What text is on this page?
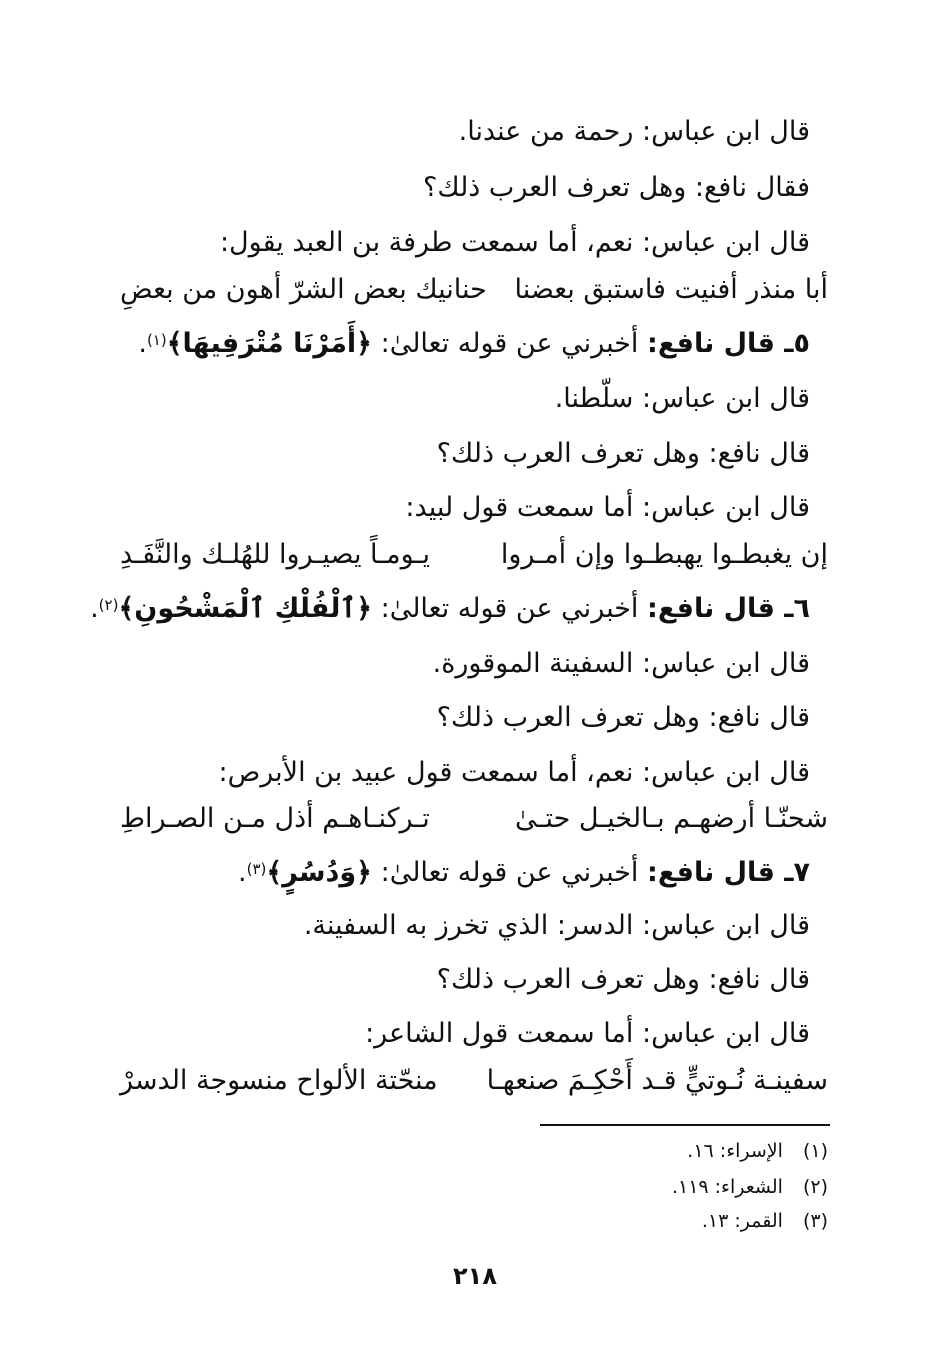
قال ابن عباس: رحمة من عندنا.
فقال نافع: وهل تعرف العرب ذلك؟
قال ابن عباس: نعم، أما سمعت طرفة بن العبد يقول:
أبا منذر أفنيت فاستبق بعضنا
حنانيك بعض الشرّ أهون من بعضِ
٥ـ قال نافع: أخبرني عن قوله تعالىٰ: ﴿أَمَرْنَا مُتْرَفِيهَا﴾$^{(١)}$.
قال ابن عباس: سلّطنا.
قال نافع: وهل تعرف العرب ذلك؟
قال ابن عباس: أما سمعت قول لبيد:
إن يغبطـوا يهبطـوا وإن أمـروا
يـومـاً يصيـروا للهُلـك والنَّفَـدِ
٦ـ قال نافع: أخبرني عن قوله تعالىٰ: ﴿ٱلْفُلْكِ ٱلْمَشْحُونِ﴾$^{(٢)}$.
قال ابن عباس: السفينة الموقورة.
قال نافع: وهل تعرف العرب ذلك؟
قال ابن عباس: نعم، أما سمعت قول عبيد بن الأبرص:
شحنّـا أرضهـم بـالخيـل حتـىٰ
تـركنـاهـم أذل مـن الصـراطِ
٧ـ قال نافع: أخبرني عن قوله تعالىٰ: ﴿وَدُسُرٍ﴾$^{(٣)}$.
قال ابن عباس: الدسر: الذي تخرز به السفينة.
قال نافع: وهل تعرف العرب ذلك؟
قال ابن عباس: أما سمعت قول الشاعر:
سفينـة نُـوتيٍّ قـد أَحْكِـمَ صنعهـا
منحّتة الألواح منسوجة الدسرْ
(١)الإسراء: ١٦.
(٢)الشعراء: ١١٩.
(٣)القمر: ١٣.
٢١٨
